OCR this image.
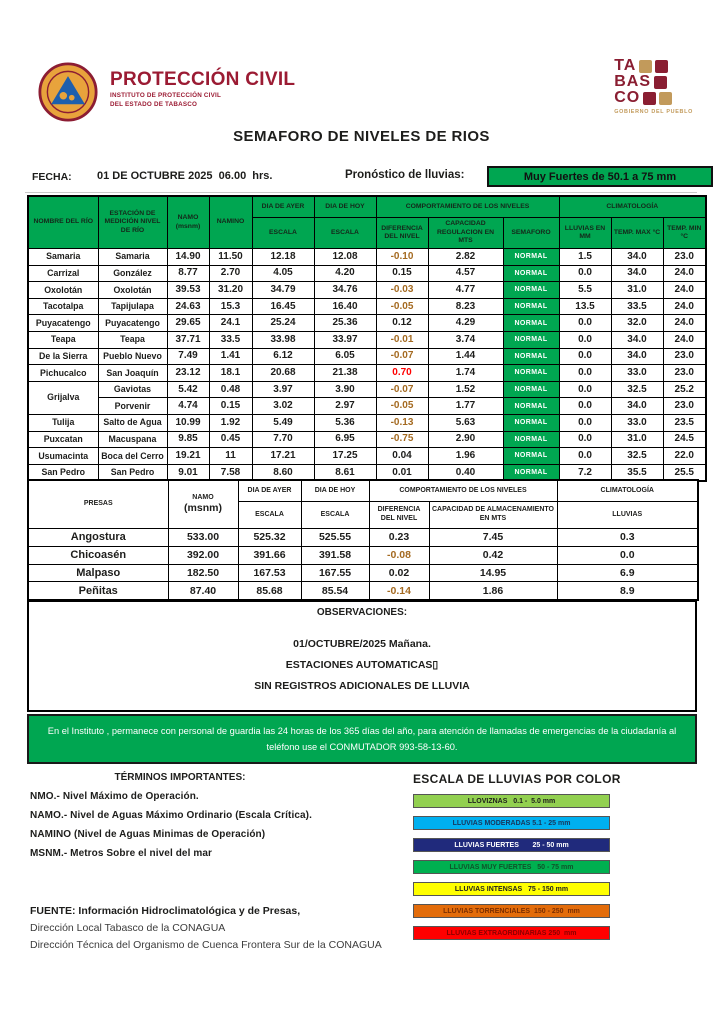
PROTECCIÓN CIVIL
INSTITUTO DE PROTECCIÓN CIVIL
DEL ESTADO DE TABASCO
TA
BAS
CO
GOBIERNO DEL PUEBLO
SEMAFORO DE NIVELES DE RIOS
FECHA: 01 DE OCTUBRE 2025  06.00  hrs.	Pronóstico de lluvias:	Muy Fuertes de 50.1 a 75 mm
NOMBRE DEL RÍO	ESTACIÓN DE MEDICIÓN NIVEL DE RÍO	NAMO
(msnm)	NAMINO	DIA DE AYER	DIA DE HOY	COMPORTAMIENTO DE LOS NIVELES			CLIMATOLOGÍA		
				ESCALA	ESCALA	DIFERENCIA DEL NIVEL	CAPACIDAD REGULACION EN MTS	SEMAFORO	LLUVIAS EN MM	TEMP. MAX °C	TEMP. MIN °C
Samaria	Samaria	14.90	11.50	12.18	12.08	-0.10	2.82	NORMAL	1.5	34.0	23.0
Carrizal	González	8.77	2.70	4.05	4.20	0.15	4.57	NORMAL	0.0	34.0	24.0
Oxolotán	Oxolotán	39.53	31.20	34.79	34.76	-0.03	4.77	NORMAL	5.5	31.0	24.0
Tacotalpa	Tapijulapa	24.63	15.3	16.45	16.40	-0.05	8.23	NORMAL	13.5	33.5	24.0
Puyacatengo	Puyacatengo	29.65	24.1	25.24	25.36	0.12	4.29	NORMAL	0.0	32.0	24.0
Teapa	Teapa	37.71	33.5	33.98	33.97	-0.01	3.74	NORMAL	0.0	34.0	24.0
De la Sierra	Pueblo Nuevo	7.49	1.41	6.12	6.05	-0.07	1.44	NORMAL	0.0	34.0	23.0
Pichucalco	San Joaquín	23.12	18.1	20.68	21.38	0.70	1.74	NORMAL	0.0	33.0	23.0
Grijalva	Gaviotas	5.42	0.48	3.97	3.90	-0.07	1.52	NORMAL	0.0	32.5	25.2
	Porvenir	4.74	0.15	3.02	2.97	-0.05	1.77	NORMAL	0.0	34.0	23.0
Tulija	Salto de Agua	10.99	1.92	5.49	5.36	-0.13	5.63	NORMAL	0.0	33.0	23.5
Puxcatan	Macuspana	9.85	0.45	7.70	6.95	-0.75	2.90	NORMAL	0.0	31.0	24.5
Usumacinta	Boca del Cerro	19.21	11	17.21	17.25	0.04	1.96	NORMAL	0.0	32.5	22.0
San Pedro	San Pedro	9.01	7.58	8.60	8.61	0.01	0.40	NORMAL	7.2	35.5	25.5
PRESAS	NAMO
(msnm)	DIA DE AYER	DIA DE HOY	COMPORTAMIENTO DE LOS NIVELES		CLIMATOLOGÍA
		ESCALA	ESCALA	DIFERENCIA DEL NIVEL	CAPACIDAD DE ALMACENAMIENTO EN MTS	LLUVIAS
Angostura	533.00	525.32	525.55	0.23	7.45	0.3
Chicoasén	392.00	391.66	391.58	-0.08	0.42	0.0
Malpaso	182.50	167.53	167.55	0.02	14.95	6.9
Peñitas	87.40	85.68	85.54	-0.14	1.86	8.9
OBSERVACIONES:
01/OCTUBRE/2025 Mañana.
ESTACIONES AUTOMATICAS▯
SIN REGISTROS ADICIONALES DE LLUVIA
En el Instituto , permanece con personal de guardia las 24 horas de los 365 días del año, para atención de llamadas de emergencias de la ciudadanía al teléfono use el CONMUTADOR 993-58-13-60.
TÉRMINOS IMPORTANTES:
NMO.- Nivel Máximo de Operación.
NAMO.- Nivel de Aguas Máximo Ordinario (Escala Crítica).
NAMINO (Nivel de Aguas Minimas de Operación)
MSNM.- Metros Sobre el nivel del mar
ESCALA DE LLUVIAS POR COLOR
LLOVIZNAS   0.1 -  5.0 mm
LLUVIAS MODERADAS 5.1 - 25 mm
LLUVIAS FUERTES       25 - 50 mm
LLUVIAS MUY FUERTES   50 - 75 mm
LLUVIAS INTENSAS   75 - 150 mm
LLUVIAS TORRENCIALES  150 - 250  mm
LLUVIAS EXTRAORDINARIAS 250  mm
FUENTE: Información Hidroclimatológica y de Presas,
Dirección Local Tabasco de la CONAGUA
Dirección Técnica del Organismo de Cuenca Frontera Sur de la CONAGUA
